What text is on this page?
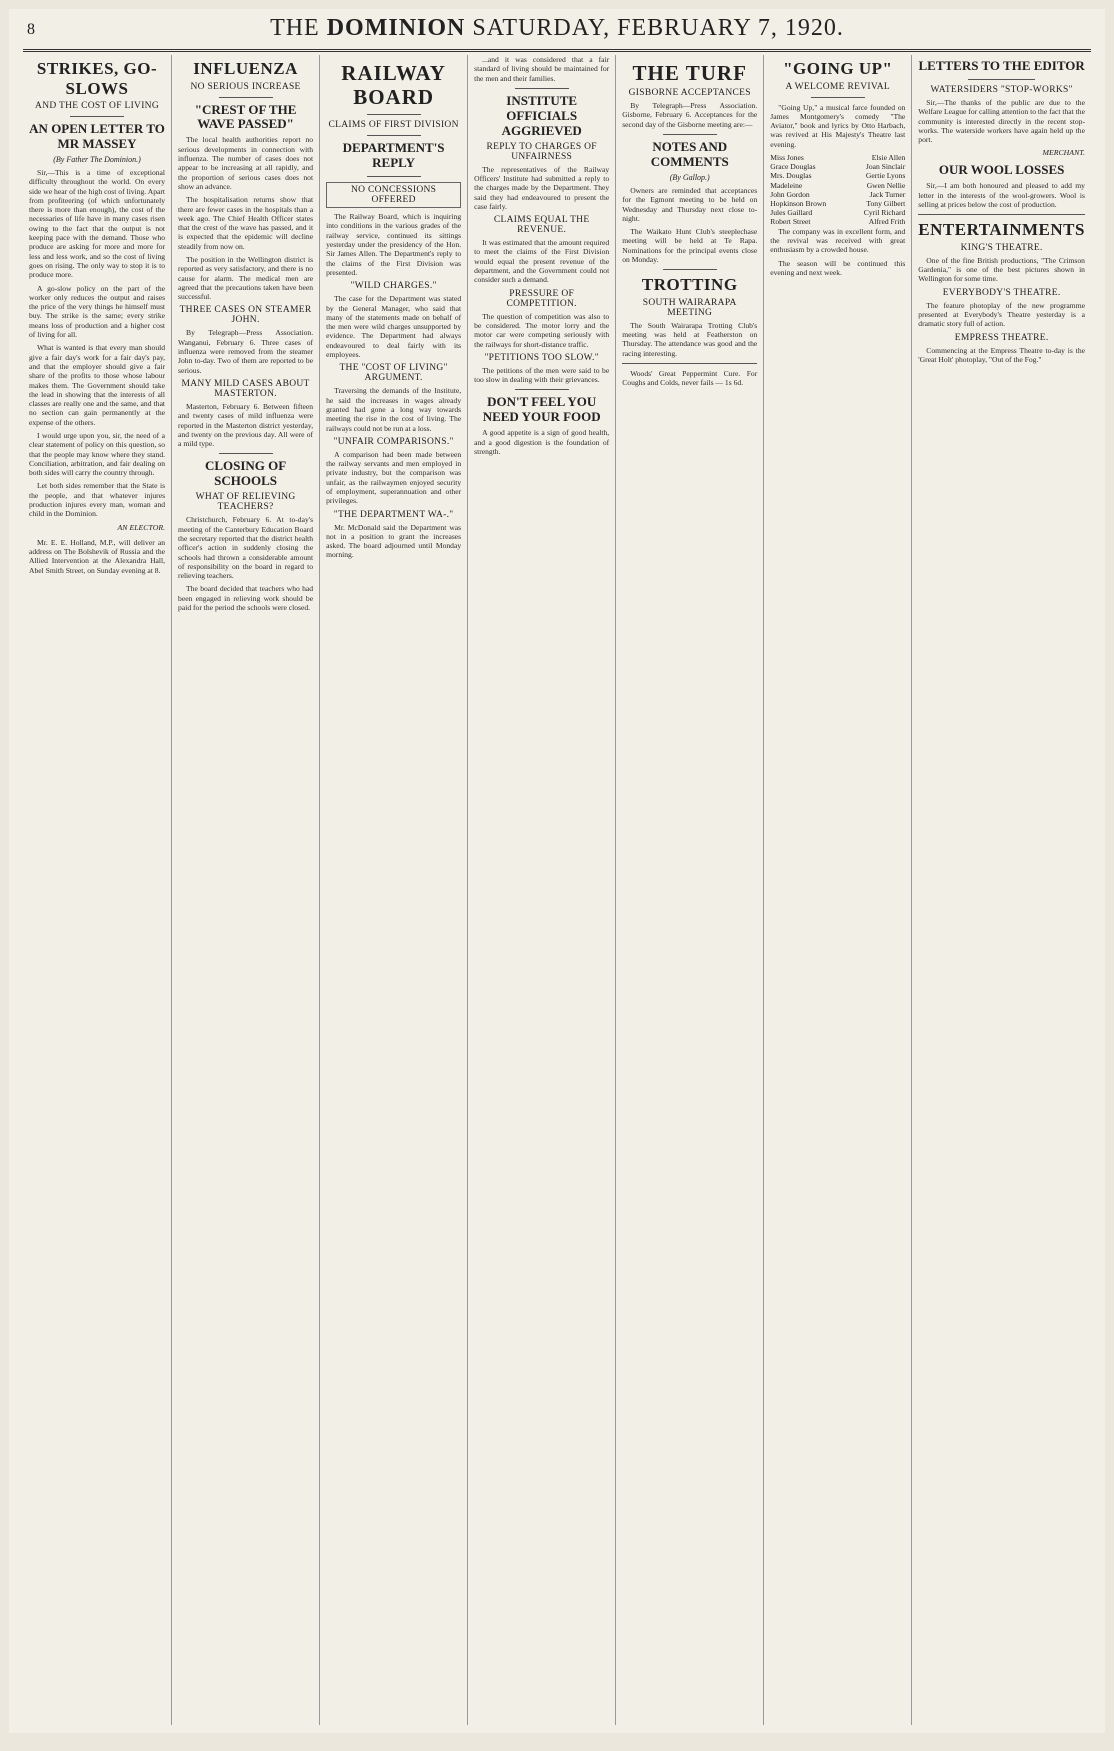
8	THE DOMINION SATURDAY, FEBRUARY 7, 1920.
STRIKES, GO-SLOWS
AND THE COST OF LIVING
AN OPEN LETTER TO MR MASSEY
(By Father The Dominion.)

Sir,—This is a time of exceptional difficulty throughout the world. On every side we hear of the high cost of living. Apart from profiteering (of which unfortunately there is more than enough), the cost of the necessaries of life have in many cases risen owing to the fact that the output is not keeping pace with the demand. Those who produce are asking for more and more for less and less work, and so the cost of living goes on rising. The only way to stop it is to produce more.

A go-slow policy on the part of the worker only reduces the output and raises the price of the very things he himself must buy. The strike is the same; every strike means loss of production and a higher cost of living for all.

What is wanted is that every man should give a fair day's work for a fair day's pay, and that the employer should give a fair share of the profits to those whose labour makes them. The Government should take the lead in showing that the interests of all classes are really one and the same, and that no section can gain permanently at the expense of the others.

I would urge upon you, sir, the need of a clear statement of policy on this question, so that the people may know where they stand. Conciliation, arbitration, and fair dealing on both sides will carry the country through.

Let both sides remember that the State is the people, and that whatever injures production injures every man, woman and child in the Dominion.

AN ELECTOR.

Mr. E. E. Holland, M.P., will deliver an address on The Bolshevik of Russia and the Allied Intervention at the Alexandra Hall, Abel Smith Street, on Sunday evening at 8.

INFLUENZA
NO SERIOUS INCREASE
"CREST OF THE WAVE PASSED"

The local health authorities report no serious developments in connection with influenza. The number of cases does not appear to be increasing at all rapidly, and the proportion of serious cases does not show an advance.

The hospitalisation returns show that there are fewer cases in the hospitals than a week ago. The Chief Health Officer states that the crest of the wave has passed, and it is expected that the epidemic will decline steadily from now on.

The position in the Wellington district is reported as very satisfactory, and there is no cause for alarm. The medical men are agreed that the precautions taken have been successful.

THREE CASES ON STEAMER JOHN.

By Telegraph—Press Association. Wanganui, February 6. Three cases of influenza were removed from the steamer John to-day. Two of them are reported to be serious.

MANY MILD CASES ABOUT MASTERTON.

Masterton, February 6. Between fifteen and twenty cases of mild influenza were reported in the Masterton district yesterday, and twenty on the previous day. All were of a mild type.

CLOSING OF SCHOOLS
WHAT OF RELIEVING TEACHERS?

Christchurch, February 6. At to-day's meeting of the Canterbury Education Board the secretary reported that the district health officer's action in suddenly closing the schools had thrown a considerable amount of responsibility on the board in regard to relieving teachers.

The board decided that teachers who had been engaged in relieving work should be paid for the period the schools were closed.

RAILWAY BOARD
CLAIMS OF FIRST DIVISION
DEPARTMENT'S REPLY
NO CONCESSIONS OFFERED

The Railway Board, which is inquiring into conditions in the various grades of the railway service, continued its sittings yesterday under the presidency of the Hon. Sir James Allen. The Department's reply to the claims of the First Division was presented.

"WILD CHARGES."

The case for the Department was stated by the General Manager, who said that many of the statements made on behalf of the men were wild charges unsupported by evidence. The Department had always endeavoured to deal fairly with its employees.

THE "COST OF LIVING" ARGUMENT.

Traversing the demands of the Institute, he said the increases in wages already granted had gone a long way towards meeting the rise in the cost of living. The railways could not be run at a loss.

"UNFAIR COMPARISONS."

A comparison had been made between the railway servants and men employed in private industry, but the comparison was unfair, as the railwaymen enjoyed security of employment, superannuation and other privileges.

"THE DEPARTMENT WA-."

Mr. McDonald said the Department was not in a position to grant the increases asked. The board adjourned until Monday morning.

...and it was considered that a fair standard of living should be maintained for the men and their families.

INSTITUTE OFFICIALS AGGRIEVED
REPLY TO CHARGES OF UNFAIRNESS

The representatives of the Railway Officers' Institute had submitted a reply to the charges made by the Department. They said they had endeavoured to present the case fairly.

CLAIMS EQUAL THE REVENUE.

It was estimated that the amount required to meet the claims of the First Division would equal the present revenue of the department, and the Government could not consider such a demand.

PRESSURE OF COMPETITION.

The question of competition was also to be considered. The motor lorry and the motor car were competing seriously with the railways for short-distance traffic.

"PETITIONS TOO SLOW."

The petitions of the men were said to be too slow in dealing with their grievances.

DON'T FEEL YOU NEED YOUR FOOD

A good appetite is a sign of good health, and a good digestion is the foundation of strength.

THE TURF
GISBORNE ACCEPTANCES

By Telegraph—Press Association. Gisborne, February 6. Acceptances for the second day of the Gisborne meeting are:—

NOTES AND COMMENTS
(By Gallop.)

Owners are reminded that acceptances for the Egmont meeting to be held on Wednesday and Thursday next close to-night.

The Waikato Hunt Club's steeplechase meeting will be held at Te Rapa. Nominations for the principal events close on Monday.

TROTTING
SOUTH WAIRARAPA MEETING

The South Wairarapa Trotting Club's meeting was held at Featherston on Thursday. The attendance was good and the racing interesting.

Woods' Great Peppermint Cure. For Coughs and Colds, never fails — 1s 6d.

"GOING UP"
A WELCOME REVIVAL

"Going Up," a musical farce founded on James Montgomery's comedy "The Aviator," book and lyrics by Otto Harbach, was revived at His Majesty's Theatre last evening.

Miss Jones	Elsie Allen
Grace Douglas	Joan Sinclair
Mrs. Douglas	Gertie Lyons
Madeleine	Gwen Nellie
John Gordon	Jack Turner
Hopkinson Brown	Tony Gilbert
Jules Gaillard	Cyril Richard
Robert Street	Alfred Frith

The company was in excellent form, and the revival was received with great enthusiasm by a crowded house.

The season will be continued this evening and next week.

LETTERS TO THE EDITOR
WATERSIDERS "STOP-WORKS"

Sir,—The thanks of the public are due to the Welfare League for calling attention to the fact that the community is interested directly in the recent stop-works. The waterside workers have again held up the port.

MERCHANT.
OUR WOOL LOSSES

Sir,—I am both honoured and pleased to add my letter in the interests of the wool-growers. Wool is selling at prices below the cost of production.

ENTERTAINMENTS
KING'S THEATRE.

One of the fine British productions, "The Crimson Gardenia," is one of the best pictures shown in Wellington for some time.

EVERYBODY'S THEATRE.

The feature photoplay of the new programme presented at Everybody's Theatre yesterday is a dramatic story full of action.

EMPRESS THEATRE.

Commencing at the Empress Theatre to-day is the 'Great Holt' photoplay, "Out of the Fog."
